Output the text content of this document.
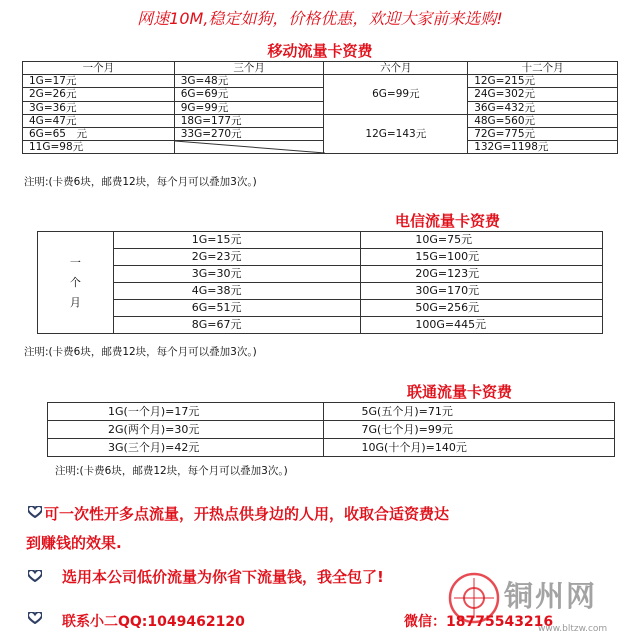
网速10M,稳定如狗，价格优惠，欢迎大家前来选购!
移动流量卡资费
一个月	三个月	六个月	十二个月
1G=17元	3G=48元	6G=99元	12G=215元
2G=26元	6G=69元		24G=302元
3G=36元	9G=99元		36G=432元
4G=47元	18G=177元	12G=143元	48G=560元
6G=65　元	33G=270元		72G=775元
11G=98元			132G=1198元
注明:(卡费6块，邮费12块，每个月可以叠加3次。)
电信流量卡资费
一
个
月	1G=15元	10G=75元
	2G=23元	15G=100元
	3G=30元	20G=123元
	4G=38元	30G=170元
	6G=51元	50G=256元
	8G=67元	100G=445元
注明:(卡费6块，邮费12块，每个月可以叠加3次。)
联通流量卡资费
1G(一个月)=17元	5G(五个月)=71元
2G(两个月)=30元	7G(七个月)=99元
3G(三个月)=42元	10G(十个月)=140元
注明:(卡费6块，邮费12块，每个月可以叠加3次。)
可一次性开多点流量，开热点供身边的人用，收取合适资费达
到赚钱的效果.
选用本公司低价流量为你省下流量钱，我全包了!
联系小二QQ:1049462120	微信：18775543216
铜州网
www.bltzw.com
